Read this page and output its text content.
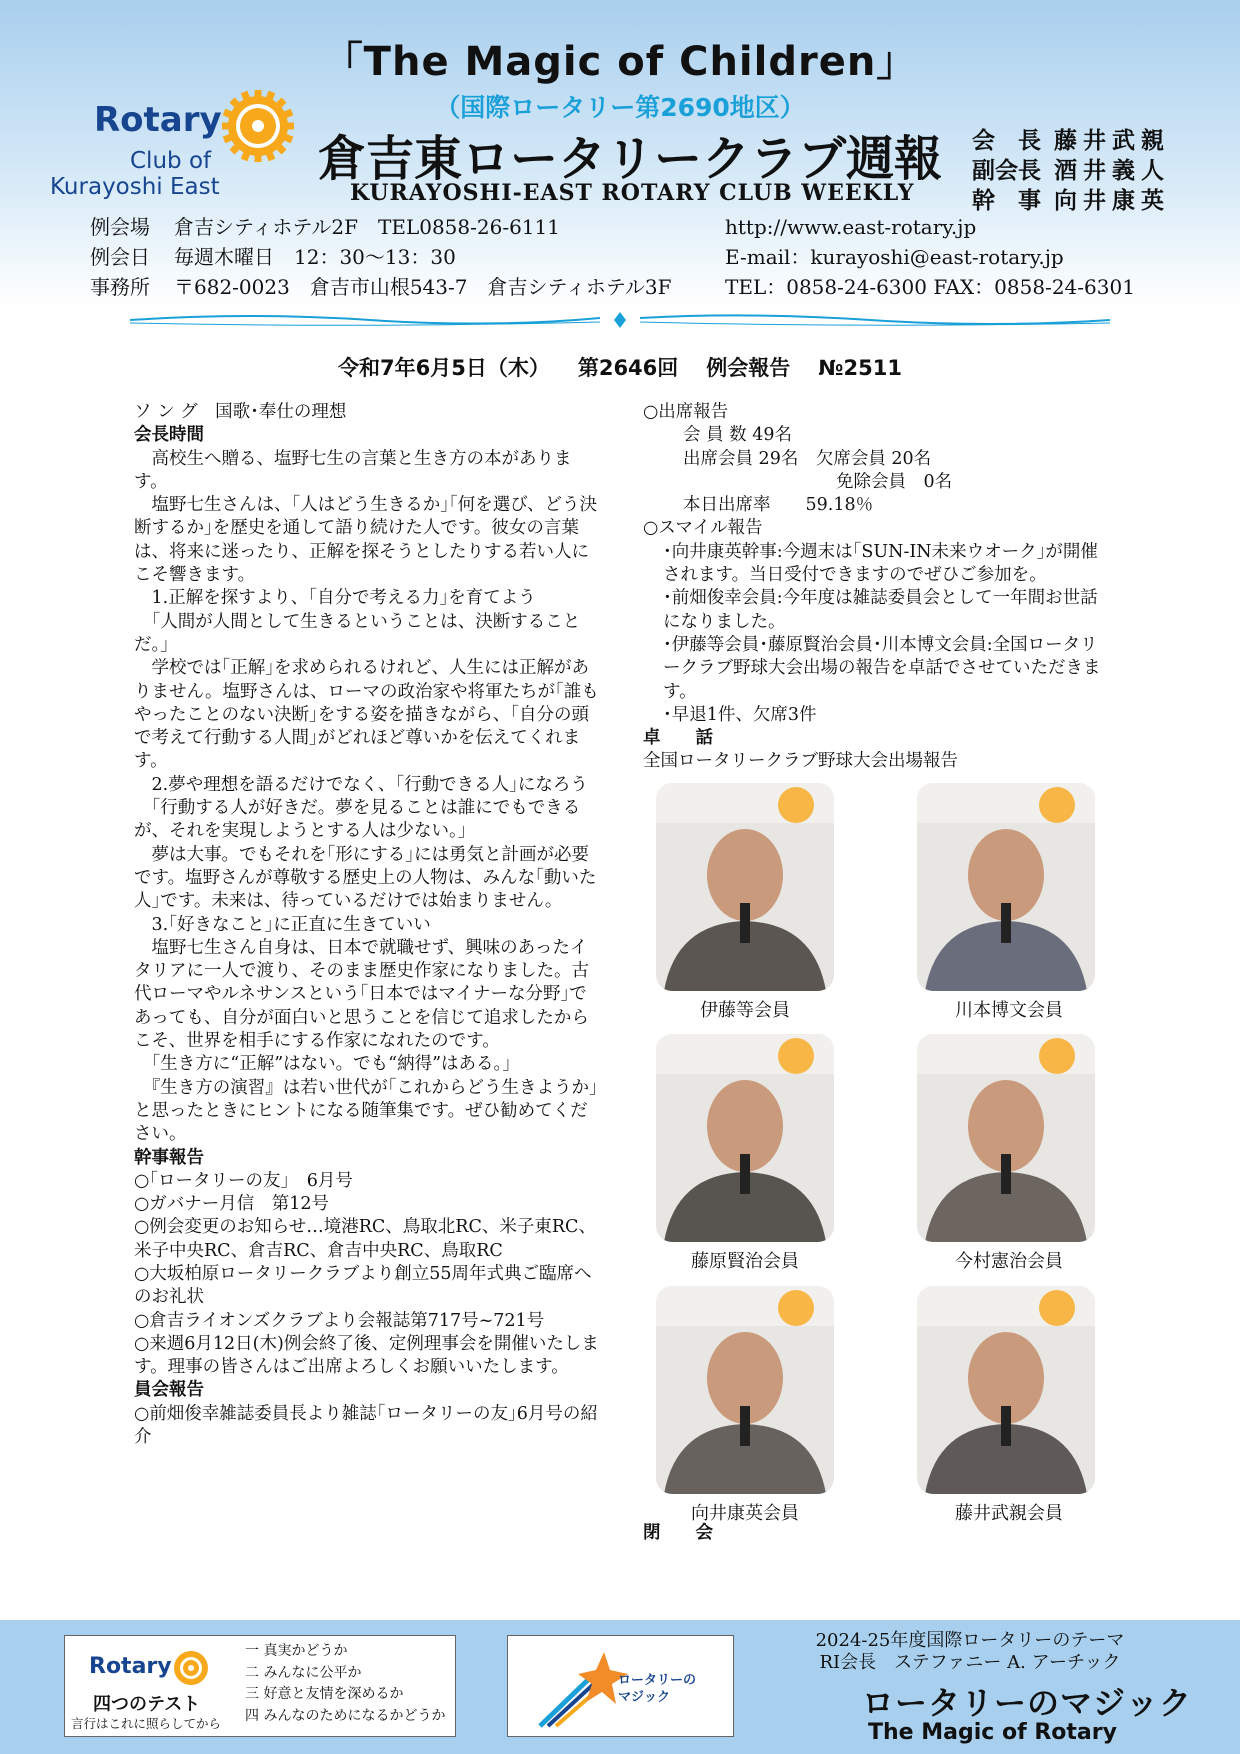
「The Magic of Children」
（国際ロータリー第2690地区）
Rotary
Club of
Kurayoshi East 倉吉東ロータリークラブ週報
KURAYOSHI-EAST ROTARY CLUB WEEKLY
会　長 藤井武親
副会長 酒井義人
幹　事 向井康英
例会場 倉吉シティホテル2F　TEL0858-26-6111
例会日 毎週木曜日　12：30～13：30
事務所 〒682-0023　倉吉市山根543-7　倉吉シティホテル3F
http://www.east-rotary.jp
E-mail：kurayoshi@east-rotary.jp
TEL：0858-24-6300 FAX：0858-24-6301
令和7年6月5日（木） 第2646回 例会報告 №2511

ソ ン グ　 国歌･奉仕の理想

会長時間

　高校生へ贈る、塩野七生の言葉と生き方の本があります。

　塩野七生さんは、｢人はどう生きるか｣｢何を選び、どう決断するか｣を歴史を通して語り続けた人です。彼女の言葉は、将来に迷ったり、正解を探そうとしたりする若い人にこそ響きます。

　1.正解を探すより、｢自分で考える力｣を育てよう

　｢人間が人間として生きるということは、決断することだ。｣

　学校では｢正解｣を求められるけれど、人生には正解がありません。塩野さんは、ローマの政治家や将軍たちが｢誰もやったことのない決断｣をする姿を描きながら、｢自分の頭で考えて行動する人間｣がどれほど尊いかを伝えてくれます。

　2.夢や理想を語るだけでなく、｢行動できる人｣になろう

　｢行動する人が好きだ。夢を見ることは誰にでもできるが、それを実現しようとする人は少ない。｣

　夢は大事。でもそれを｢形にする｣には勇気と計画が必要です。塩野さんが尊敬する歴史上の人物は、みんな｢動いた人｣です。未来は、待っているだけでは始まりません。

　3.｢好きなこと｣に正直に生きていい

　塩野七生さん自身は、日本で就職せず、興味のあったイタリアに一人で渡り、そのまま歴史作家になりました。古代ローマやルネサンスという｢日本ではマイナーな分野｣であっても、自分が面白いと思うことを信じて追求したからこそ、世界を相手にする作家になれたのです。

　｢生き方に“正解”はない。でも“納得”はある。｣

　『生き方の演習』は若い世代が｢これからどう生きようか｣と思ったときにヒントになる随筆集です。ぜひ勧めてください。

幹事報告

○｢ロータリーの友｣　6月号

○ガバナー月信　第12号

○例会変更のお知らせ…境港RC、鳥取北RC、米子東RC、米子中央RC、倉吉RC、倉吉中央RC、鳥取RC

○大坂柏原ロータリークラブより創立55周年式典ご臨席へのお礼状

○倉吉ライオンズクラブより会報誌第717号~721号

○来週6月12日(木)例会終了後、定例理事会を開催いたします。理事の皆さんはご出席よろしくお願いいたします。

員会報告

○前畑俊幸雑誌委員長より雑誌｢ロータリーの友｣6月号の紹介

○出席報告

会 員 数 49名

出席会員 29名　 欠席会員 20名

免除会員　0名

本日出席率　　 59.18％

○スマイル報告

･向井康英幹事:今週末は｢SUN-IN未来ウオーク｣が開催されます。当日受付できますのでぜひご参加を。

･前畑俊幸会員:今年度は雑誌委員会として一年間お世話になりました。

･伊藤等会員･藤原賢治会員･川本博文会員:全国ロータリークラブ野球大会出場の報告を卓話でさせていただきます。

･早退1件、欠席3件

卓　　話

全国ロータリークラブ野球大会出場報告

伊藤等会員	川本博文会員
藤原賢治会員	今村憲治会員
向井康英会員	藤井武親会員
閉　　会
Rotary
四つのテスト
言行はこれに照らしてから
一 真実かどうか
二 みんなに公平か
三 好意と友情を深めるか
四 みんなのためになるかどうか
ロータリーの
マジック
2024-25年度国際ロータリーのテーマ
RI会長　ステファニー A. アーチック
ロータリーのマジック
The Magic of Rotary
